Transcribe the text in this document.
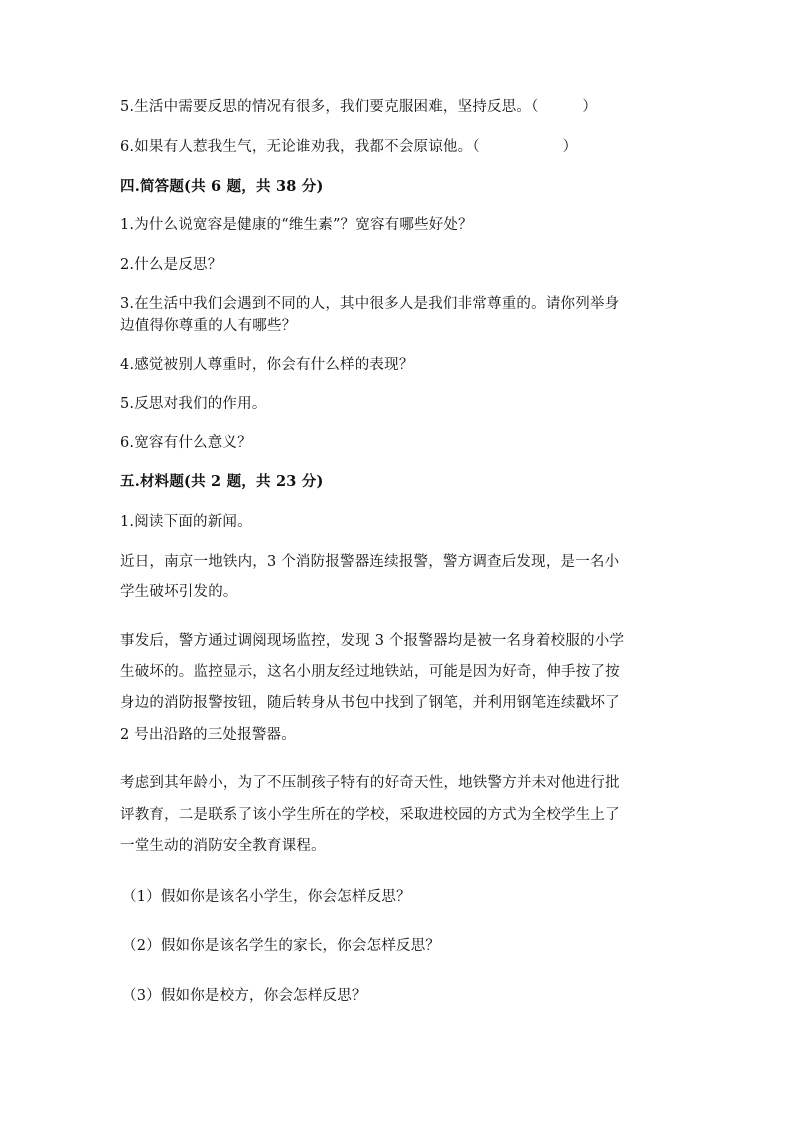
5.生活中需要反思的情况有很多，我们要克服困难，坚持反思。（ 　 　 ）
6.如果有人惹我生气，无论谁劝我，我都不会原谅他。（ 　 　 　 　 ）
四.简答题(共 6 题，共 38 分)
1.为什么说宽容是健康的“维生素”？宽容有哪些好处？
2.什么是反思？
3.在生活中我们会遇到不同的人，其中很多人是我们非常尊重的。请你列举身
边值得你尊重的人有哪些？
4.感觉被别人尊重时，你会有什么样的表现？
5.反思对我们的作用。
6.宽容有什么意义？
五.材料题(共 2 题，共 23 分)
1.阅读下面的新闻。
近日，南京一地铁内，3 个消防报警器连续报警，警方调查后发现，是一名小
学生破坏引发的。
事发后，警方通过调阅现场监控，发现 3 个报警器均是被一名身着校服的小学
生破坏的。监控显示，这名小朋友经过地铁站，可能是因为好奇，伸手按了按
身边的消防报警按钮，随后转身从书包中找到了钢笔，并利用钢笔连续戳坏了
2 号出沿路的三处报警器。
考虑到其年龄小，为了不压制孩子特有的好奇天性，地铁警方并未对他进行批
评教育，二是联系了该小学生所在的学校，采取进校园的方式为全校学生上了
一堂生动的消防安全教育课程。
（1）假如你是该名小学生，你会怎样反思？
（2）假如你是该名学生的家长，你会怎样反思？
（3）假如你是校方，你会怎样反思？
